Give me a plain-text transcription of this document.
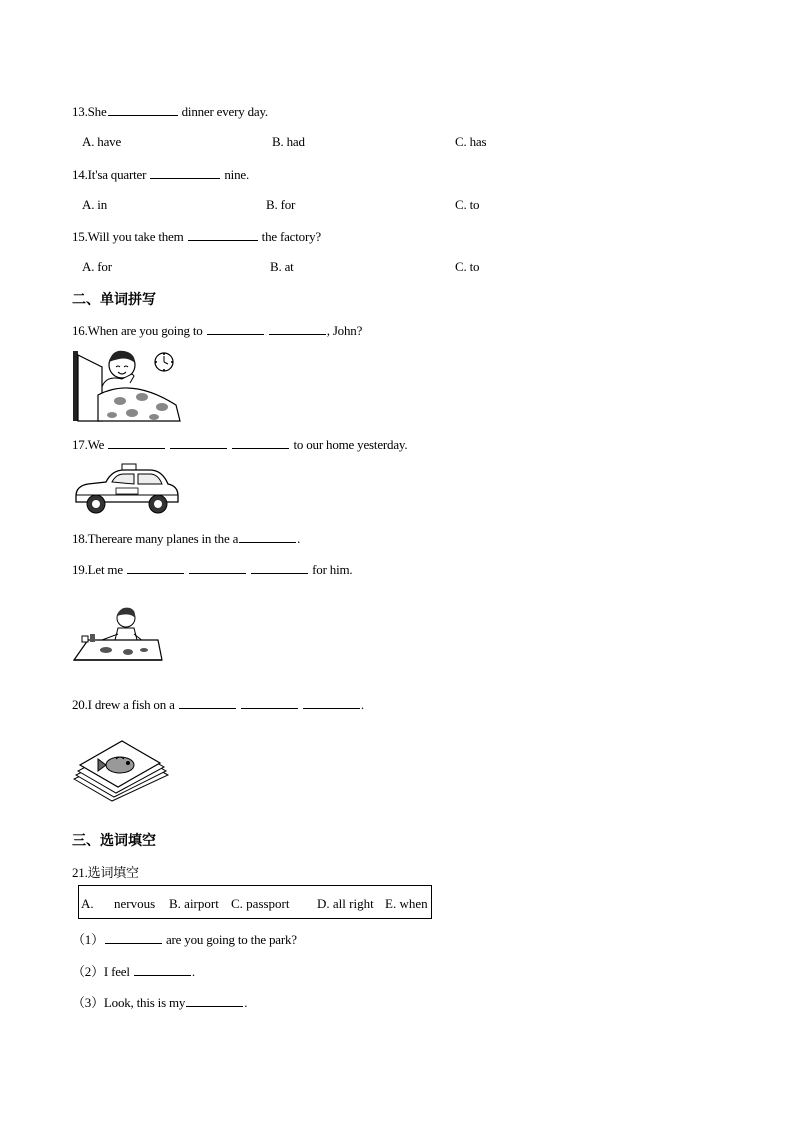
13.She	dinner every day.
A. have	B. had	C. has
14.It'sa quarter	nine.
A. in	B. for	C. to
15.Will you take them	the factory?
A. for	B. at	C. to
二、单词拼写
16.When are you going to	, John?
17.We	to our home yesterday.
18.Thereare many planes in the a	.
19.Let me	for him.
20.I drew a fish on a	.
三、选词填空
21.选词填空
A. nervous B. airport C. passport D. all right E. when
（1）	are you going to the park?
（2）I feel	.
（3）Look, this is my	.
